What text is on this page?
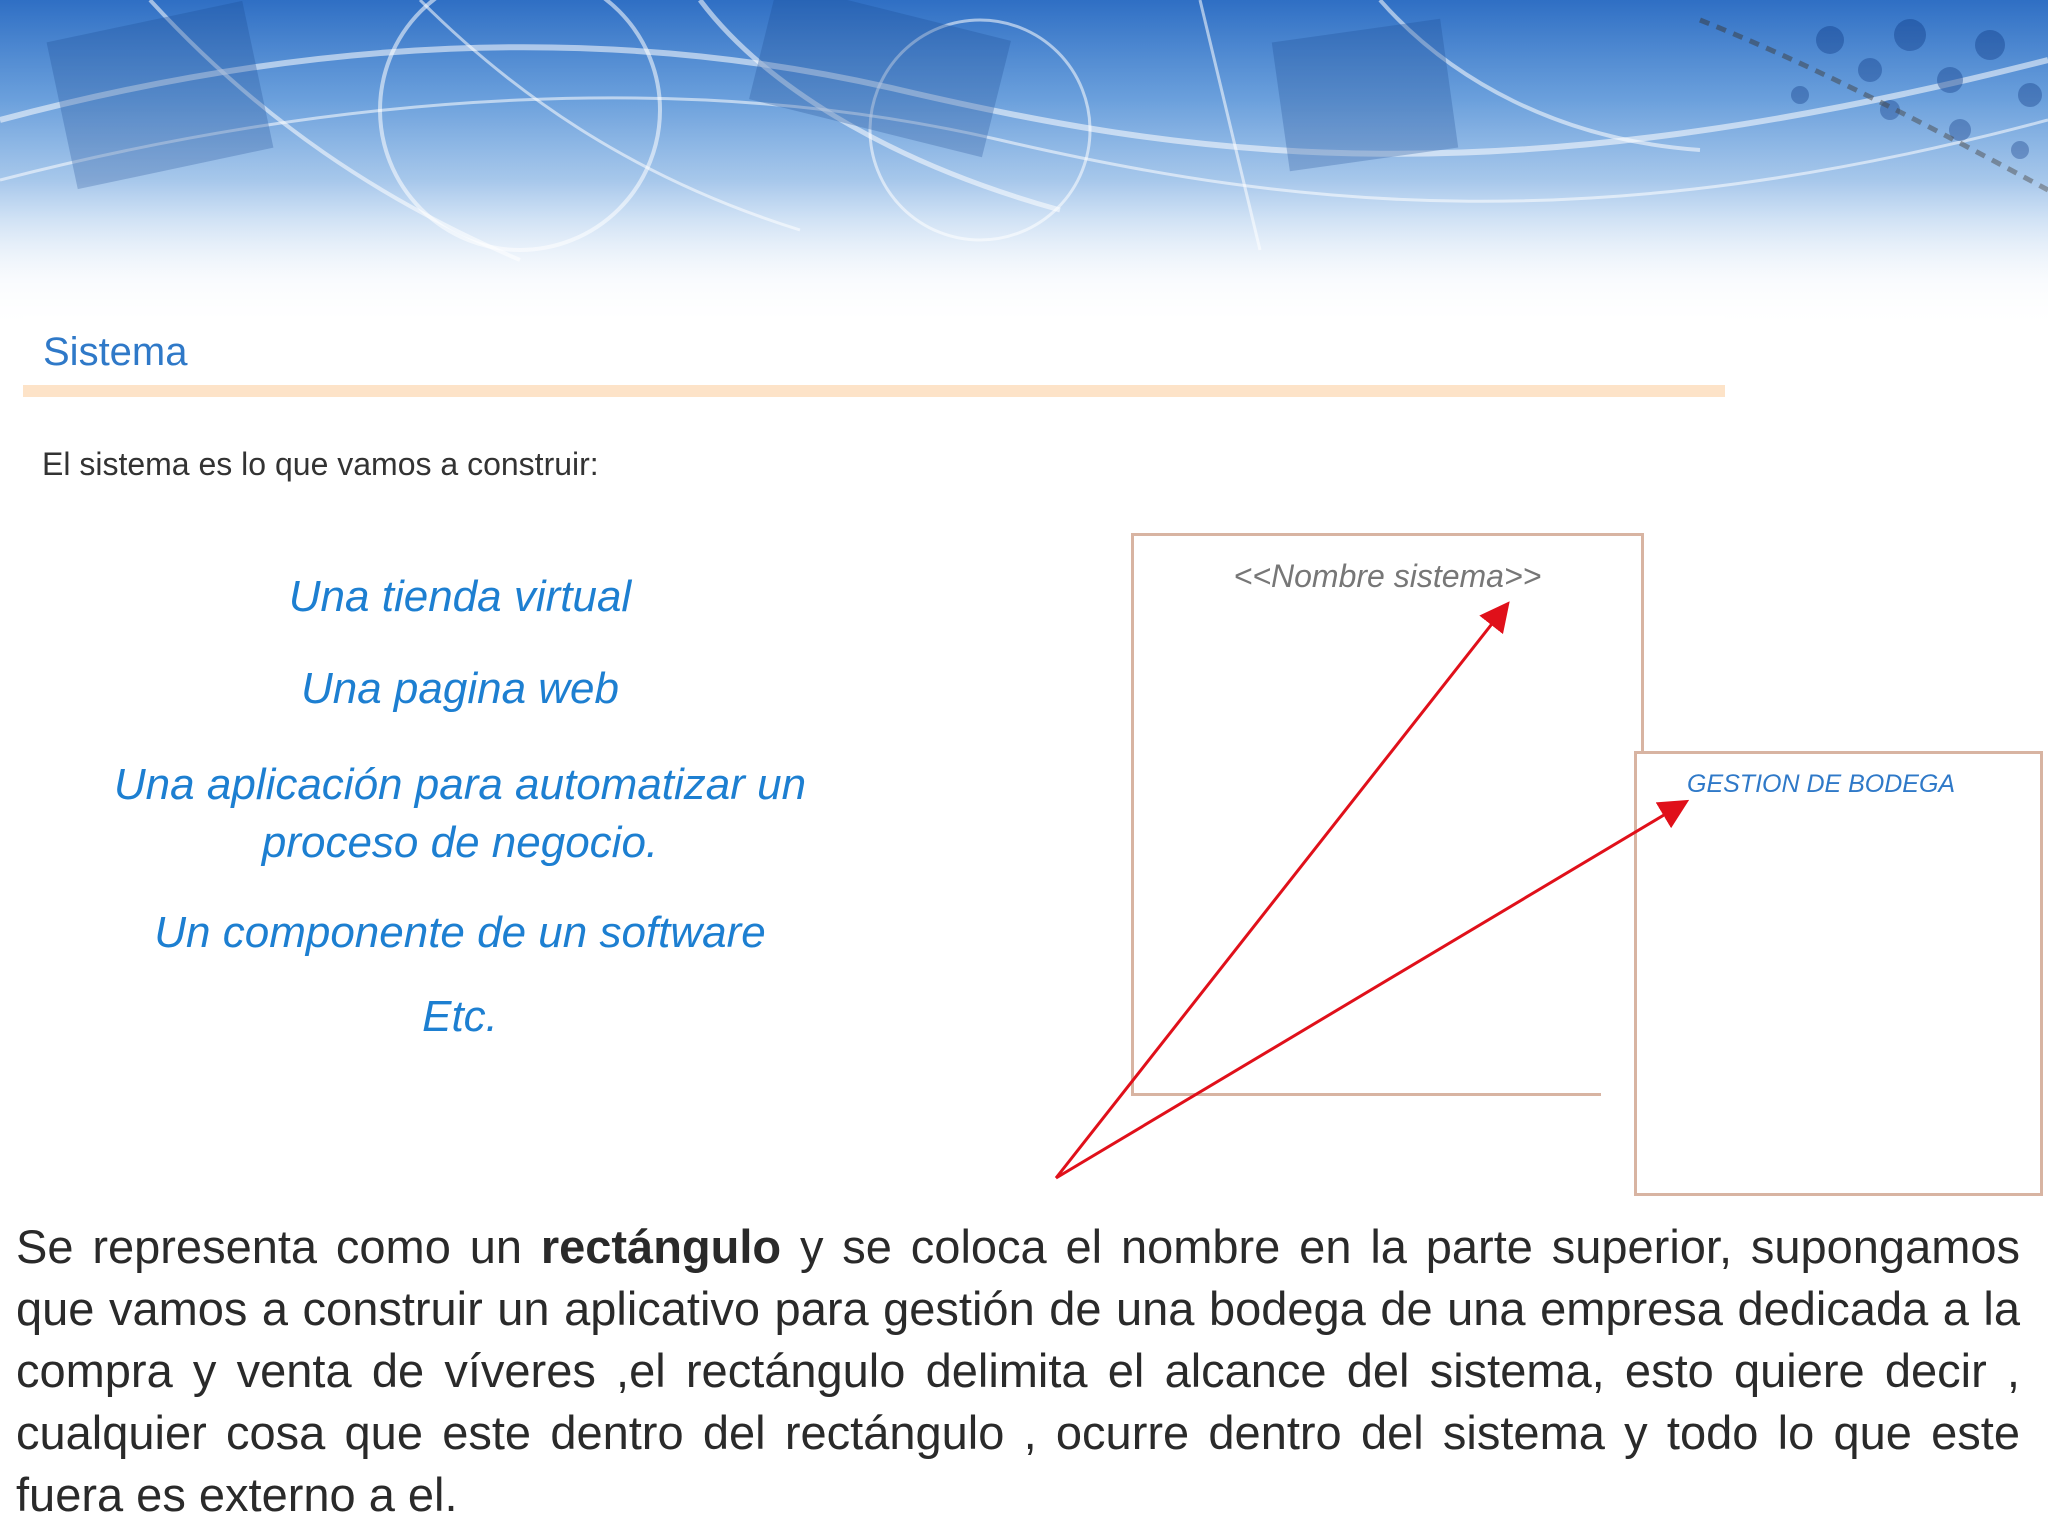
Sistema
El sistema es lo que vamos a construir:
Una tienda virtual
Una pagina web
Una aplicación para automatizar un
proceso de negocio.
Un componente de un software
Etc.
<<Nombre sistema>>
GESTION DE BODEGA
Se representa como un rectángulo y se coloca el nombre en la parte superior, supongamos que vamos a construir un aplicativo para gestión de una bodega de una empresa dedicada a la compra y venta de víveres ,el rectángulo delimita el alcance del sistema, esto quiere decir , cualquier cosa que este dentro del rectángulo , ocurre dentro del sistema y todo lo que este fuera es externo a el.
